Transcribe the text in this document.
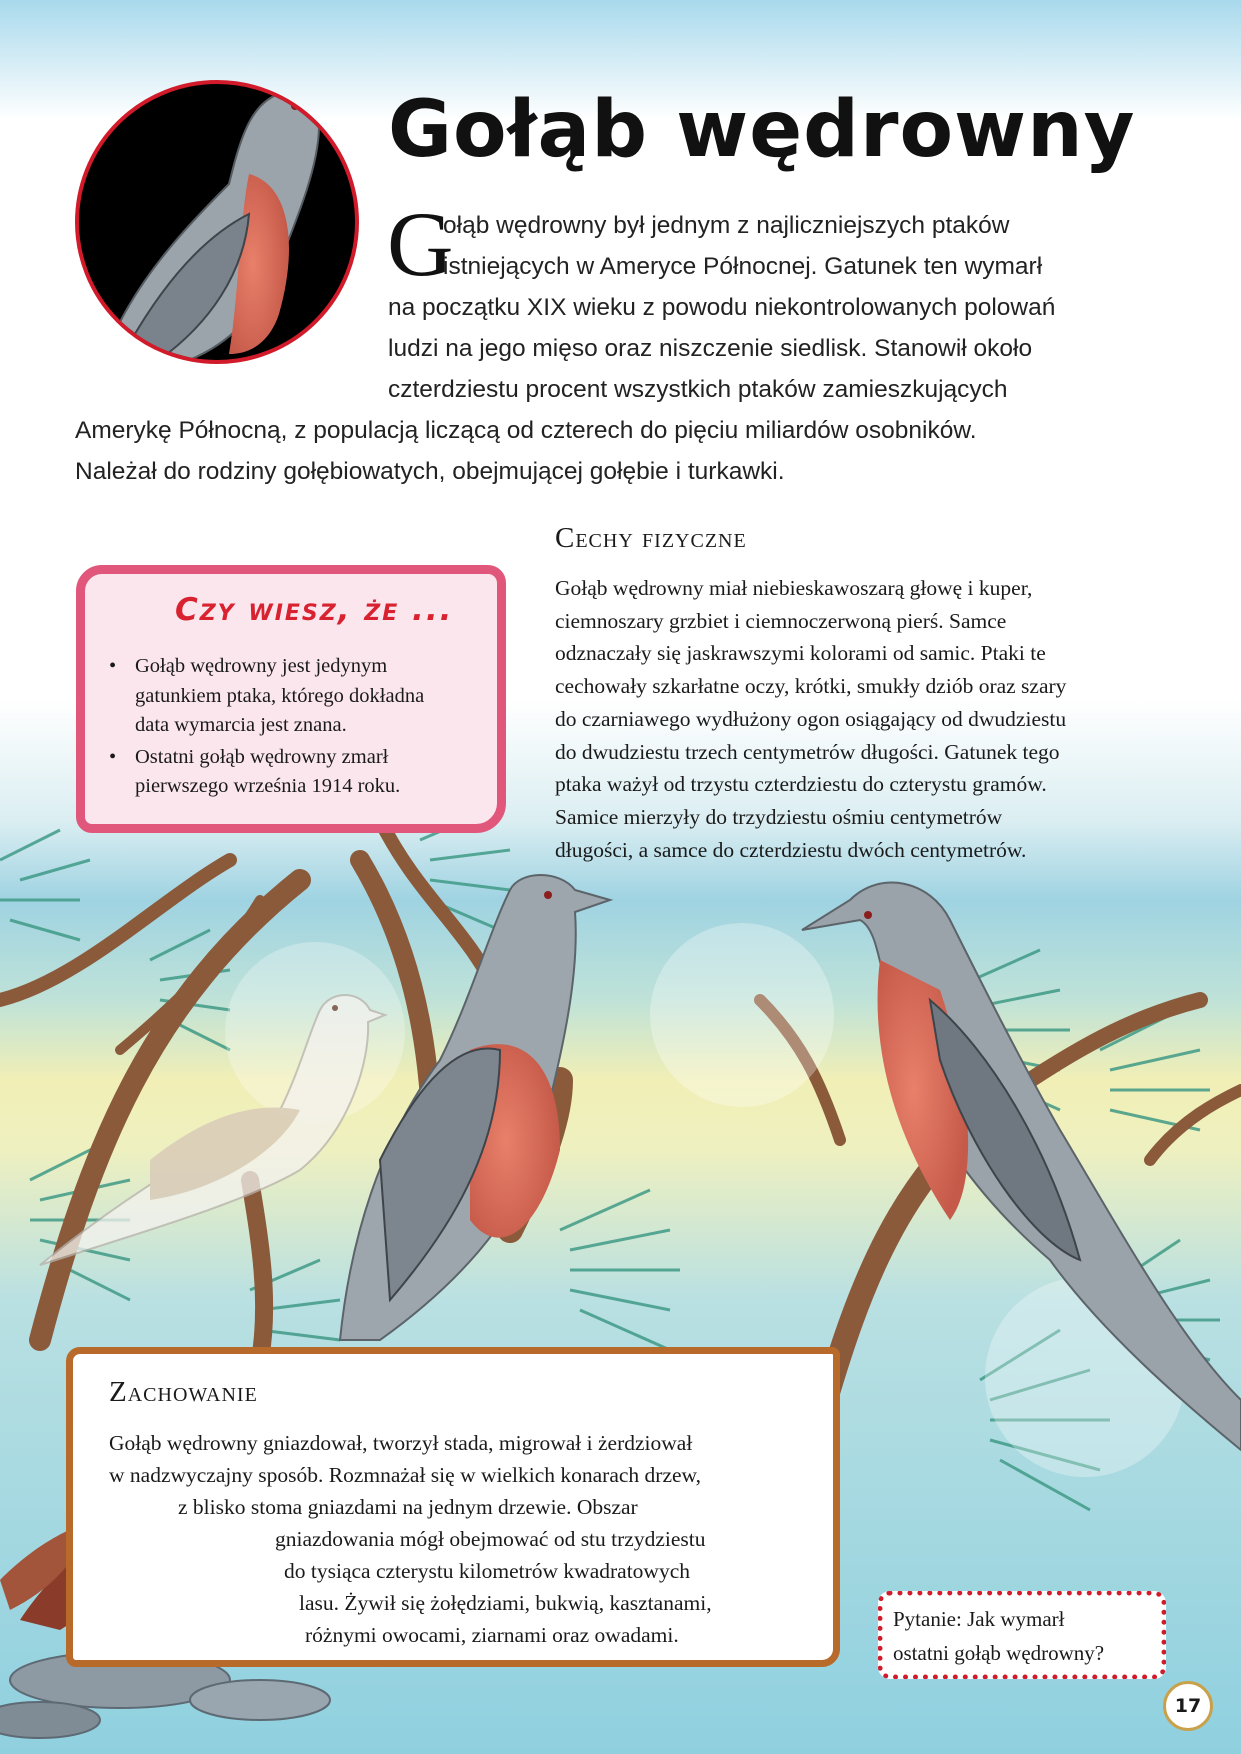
Gołąb wędrowny
G
ołąb wędrowny był jednym z najliczniejszych ptaków
istniejących w Ameryce Północnej. Gatunek ten wymarł
na początku XIX wieku z powodu niekontrolowanych polowań
ludzi na jego mięso oraz niszczenie siedlisk. Stanowił około
czterdziestu procent wszystkich ptaków zamieszkujących
Amerykę Północną, z populacją liczącą od czterech do pięciu miliardów osobników.
Należał do rodziny gołębiowatych, obejmującej gołębie i turkawki.
Cechy fizyczne
Gołąb wędrowny miał niebieskawoszarą głowę i kuper,
ciemnoszary grzbiet i ciemnoczerwoną pierś. Samce
odznaczały się jaskrawszymi kolorami od samic. Ptaki te
cechowały szkarłatne oczy, krótki, smukły dziób oraz szary
do czarniawego wydłużony ogon osiągający od dwudziestu
do dwudziestu trzech centymetrów długości. Gatunek tego
ptaka ważył od trzystu czterdziestu do czterystu gramów.
Samice mierzyły do trzydziestu ośmiu centymetrów
długości, a samce do czterdziestu dwóch centymetrów.
Czy wiesz, że ...
• Gołąb wędrowny jest jedynym
gatunkiem ptaka, którego dokładna
data wymarcia jest znana.
• Ostatni gołąb wędrowny zmarł
pierwszego września 1914 roku.
Zachowanie
Gołąb wędrowny gniazdował, tworzył stada, migrował i żerdziował
w nadzwyczajny sposób. Rozmnażał się w wielkich konarach drzew,
z blisko stoma gniazdami na jednym drzewie. Obszar
gniazdowania mógł obejmować od stu trzydziestu
do tysiąca czterystu kilometrów kwadratowych
lasu. Żywił się żołędziami, bukwią, kasztanami,
różnymi owocami, ziarnami oraz owadami.
Pytanie: Jak wymarł
ostatni gołąb wędrowny?
17
